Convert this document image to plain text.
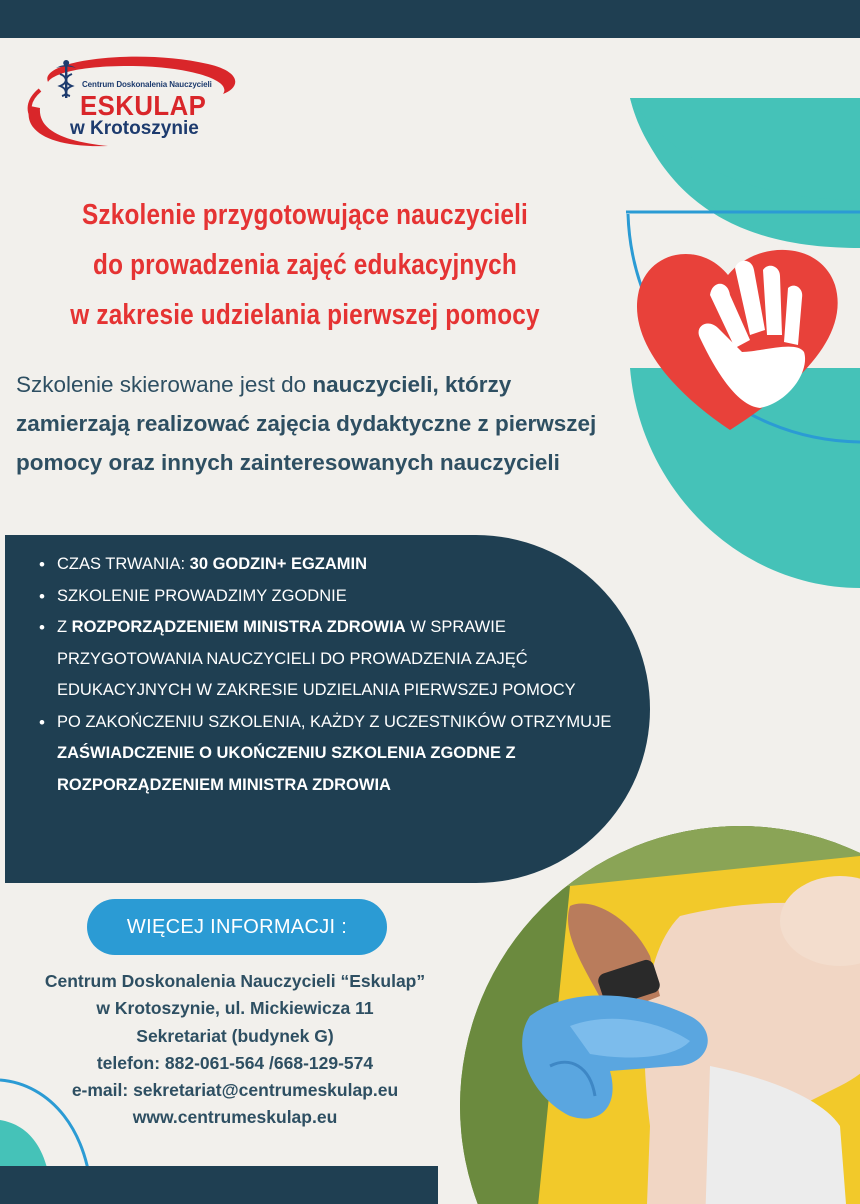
Centrum Doskonalenia Nauczycieli
ESKULAP
w Krotoszynie
Szkolenie przygotowujące nauczycieli
do prowadzenia zajęć edukacyjnych
w zakresie udzielania pierwszej pomocy
Szkolenie skierowane jest do nauczycieli, którzy zamierzają realizować zajęcia dydaktyczne z pierwszej pomocy oraz innych zainteresowanych nauczycieli
• CZAS TRWANIA: 30 GODZIN+ EGZAMIN
• SZKOLENIE PROWADZIMY ZGODNIE
• Z ROZPORZĄDZENIEM MINISTRA ZDROWIA W SPRAWIE PRZYGOTOWANIA NAUCZYCIELI DO PROWADZENIA ZAJĘĆ EDUKACYJNYCH W ZAKRESIE UDZIELANIA PIERWSZEJ POMOCY
• PO ZAKOŃCZENIU SZKOLENIA, KAŻDY Z UCZESTNIKÓW OTRZYMUJE ZAŚWIADCZENIE O UKOŃCZENIU SZKOLENIA ZGODNE Z ROZPORZĄDZENIEM MINISTRA ZDROWIA
WIĘCEJ INFORMACJI :
Centrum Doskonalenia Nauczycieli “Eskulap”
w Krotoszynie, ul. Mickiewicza 11
Sekretariat (budynek G)
telefon: 882-061-564 /668-129-574
e-mail: sekretariat@centrumeskulap.eu
www.centrumeskulap.eu
